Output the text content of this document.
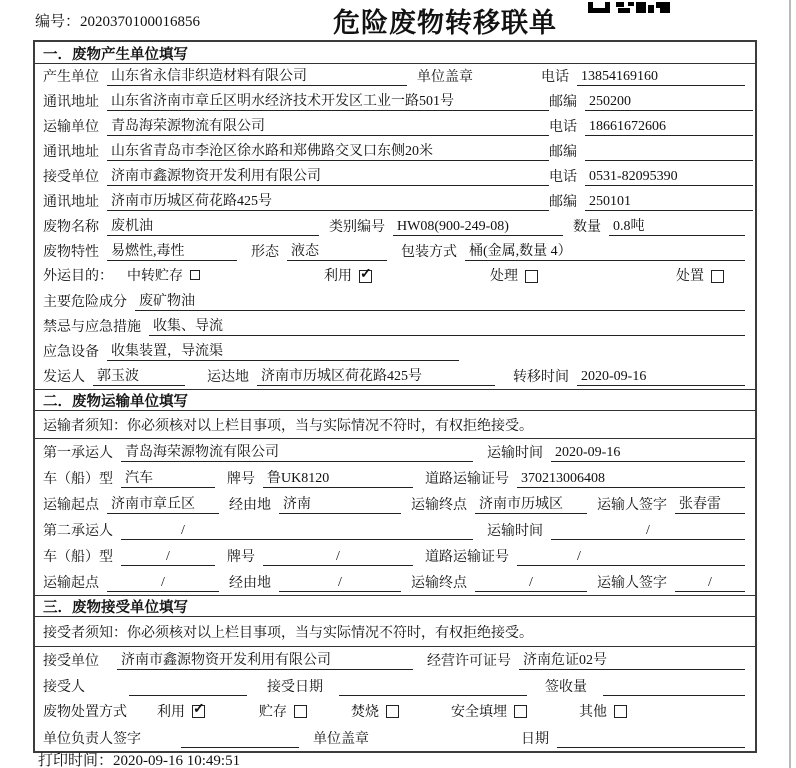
编号：2020370100016856	危险废物转移联单
一．废物产生单位填写
产生单位 山东省永信非织造材料有限公司	单位盖章	电话 13854169160
通讯地址 山东省济南市章丘区明水经济技术开发区工业一路501号	邮编 250200
运输单位 青岛海荣源物流有限公司	电话 18661672606
通讯地址 山东省青岛市李沧区徐水路和郑佛路交叉口东侧20米	邮编
接受单位 济南市鑫源物资开发利用有限公司	电话 0531-82095390
通讯地址 济南市历城区荷花路425号	邮编 250101
废物名称 废机油	类别编号 HW08(900-249-08)	数量 0.8吨
废物特性 易燃性,毒性	形态 液态	包装方式 桶(金属,数量 4）
外运目的： 中转贮存	利用 ✓	处理	处置
主要危险成分 废矿物油
禁忌与应急措施 收集、导流
应急设备 收集装置，导流渠
发运人 郭玉波	运达地 济南市历城区荷花路425号	转移时间 2020-09-16
二．废物运输单位填写
运输者须知：你必须核对以上栏目事项，当与实际情况不符时，有权拒绝接受。
第一承运人 青岛海荣源物流有限公司	运输时间 2020-09-16
车（船）型 汽车	牌号 鲁UK8120	道路运输证号 370213006408
运输起点 济南市章丘区	经由地 济南	运输终点 济南市历城区	运输人签字 张春雷
第二承运人	/	运输时间	/
车（船）型	/	牌号	/	道路运输证号	/
运输起点	/	经由地	/	运输终点	/	运输人签字	/
三．废物接受单位填写
接受者须知：你必须核对以上栏目事项，当与实际情况不符时，有权拒绝接受。
接受单位 济南市鑫源物资开发利用有限公司	经营许可证号 济南危证02号
接受人	接受日期	签收量
废物处置方式 利用 ✓	贮存	焚烧	安全填埋	其他
单位负责人签字	单位盖章	日期
打印时间：2020-09-16 10:49:51
